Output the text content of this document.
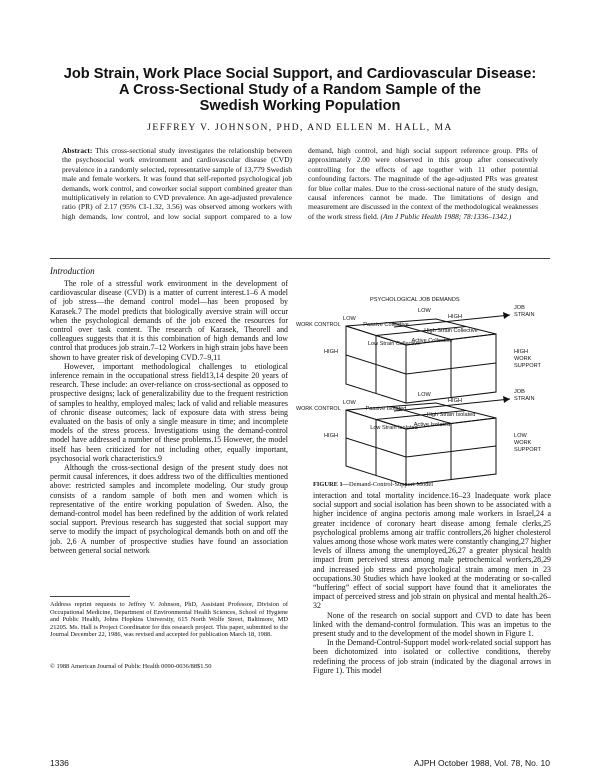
Job Strain, Work Place Social Support, and Cardiovascular Disease:
A Cross-Sectional Study of a Random Sample of the
Swedish Working Population

JEFFREY V. JOHNSON, PHD, AND ELLEN M. HALL, MA

Abstract: This cross-sectional study investigates the relationship between the psychosocial work environment and cardiovascular disease (CVD) prevalence in a randomly selected, representative sample of 13,779 Swedish male and female workers. It was found that self-reported psychological job demands, work control, and coworker social support combined greater than multiplicatively in relation to CVD prevalence. An age-adjusted prevalence ratio (PR) of 2.17 (95% CI-1.32, 3.56) was observed among workers with high demands, low control, and low social support compared to a low demand, high control, and high social support reference group. PRs of approximately 2.00 were observed in this group after consecutively controlling for the effects of age together with 11 other potential confounding factors. The magnitude of the age-adjusted PRs was greatest for blue collar males. Due to the cross-sectional nature of the study design, causal inferences cannot be made. The limitations of design and measurement are discussed in the context of the methodological weaknesses of the work stress field. (Am J Public Health 1988; 78:1336–1342.)

Introduction

The role of a stressful work environment in the development of cardiovascular disease (CVD) is a matter of current interest.1–6 A model of job stress—the demand control model—has been proposed by Karasek.7 The model predicts that biologically aversive strain will occur when the psychological demands of the job exceed the resources for control over task content. The research of Karasek, Theorell and colleagues suggests that it is this combination of high demands and low control that produces job strain.7–12 Workers in high strain jobs have been shown to have greater risk of developing CVD.7–9,11

However, important methodological challenges to etiological inference remain in the occupational stress field13,14 despite 20 years of research. These include: an over-reliance on cross-sectional as opposed to prospective designs; lack of generalizability due to the frequent restriction of samples to healthy, employed males; lack of valid and reliable measures of chronic disease outcomes; lack of exposure data with stress being evaluated on the basis of only a single measure in time; and incomplete models of the stress process. Investigations using the demand-control model have addressed a number of these problems.15 However, the model itself has been criticized for not including other, equally important, psychosocial work characteristics.9

Although the cross-sectional design of the present study does not permit causal inferences, it does address two of the difficulties mentioned above: restricted samples and incomplete modeling. Our study group consists of a random sample of both men and women which is representative of the entire working population of Sweden. Also, the demand-control model has been redefined by the addition of work related social support. Previous research has suggested that social support may serve to modify the impact of psychological demands both on and off the job. 2,6 A number of prospective studies have found an association between general social network

Address reprint requests to Jeffrey V. Johnson, PhD, Assistant Professor, Division of Occupational Medicine, Department of Environmental Health Sciences, School of Hygiene and Public Health, Johns Hopkins University, 615 North Wolfe Street, Baltimore, MD 21205. Ms. Hall is Project Coordinator for this research project. This paper, submitted to the Journal December 22, 1986, was revised and accepted for publication March 18, 1988.

© 1988 American Journal of Public Health 0090-0036/88$1.50

PSYCHOLOGICAL JOB DEMANDS
LOW
LOW	HIGH
WORK CONTROL
HIGH
Passive Collective
High Strain Collective
Low Strain Collective
Active Collective
JOB
STRAIN
HIGH
WORK
SUPPORT
LOW
LOW	HIGH
WORK CONTROL
HIGH
Passive Isolated
High Strain Isolated
Low Strain Isolated
Active Isolated
JOB
STRAIN
LOW
WORK
SUPPORT

FIGURE 1—Demand-Control-Support Model

interaction and total mortality incidence.16–23 Inadequate work place social support and social isolation has been shown to be associated with a higher incidence of angina pectoris among male workers in Israel,24 a greater incidence of coronary heart disease among female clerks,25 psychological problems among air traffic controllers,26 higher cholesterol values among those whose work mates were constantly changing,27 higher levels of illness among the unemployed,26,27 a greater physical health impact from perceived stress among male petrochemical workers,28,29 and increased job stress and psychological strain among men in 23 occupations.30 Studies which have looked at the moderating or so-called “buffering” effect of social support have found that it ameliorates the impact of perceived stress and job strain on physical and mental health.26–32

None of the research on social support and CVD to date has been linked with the demand-control formulation. This was an impetus to the present study and to the development of the model shown in Figure 1.

In the Demand-Control-Support model work-related social support has been dichotomized into isolated or collective conditions, thereby redefining the process of job strain (indicated by the diagonal arrows in Figure 1). This model

1336	AJPH October 1988, Vol. 78, No. 10
